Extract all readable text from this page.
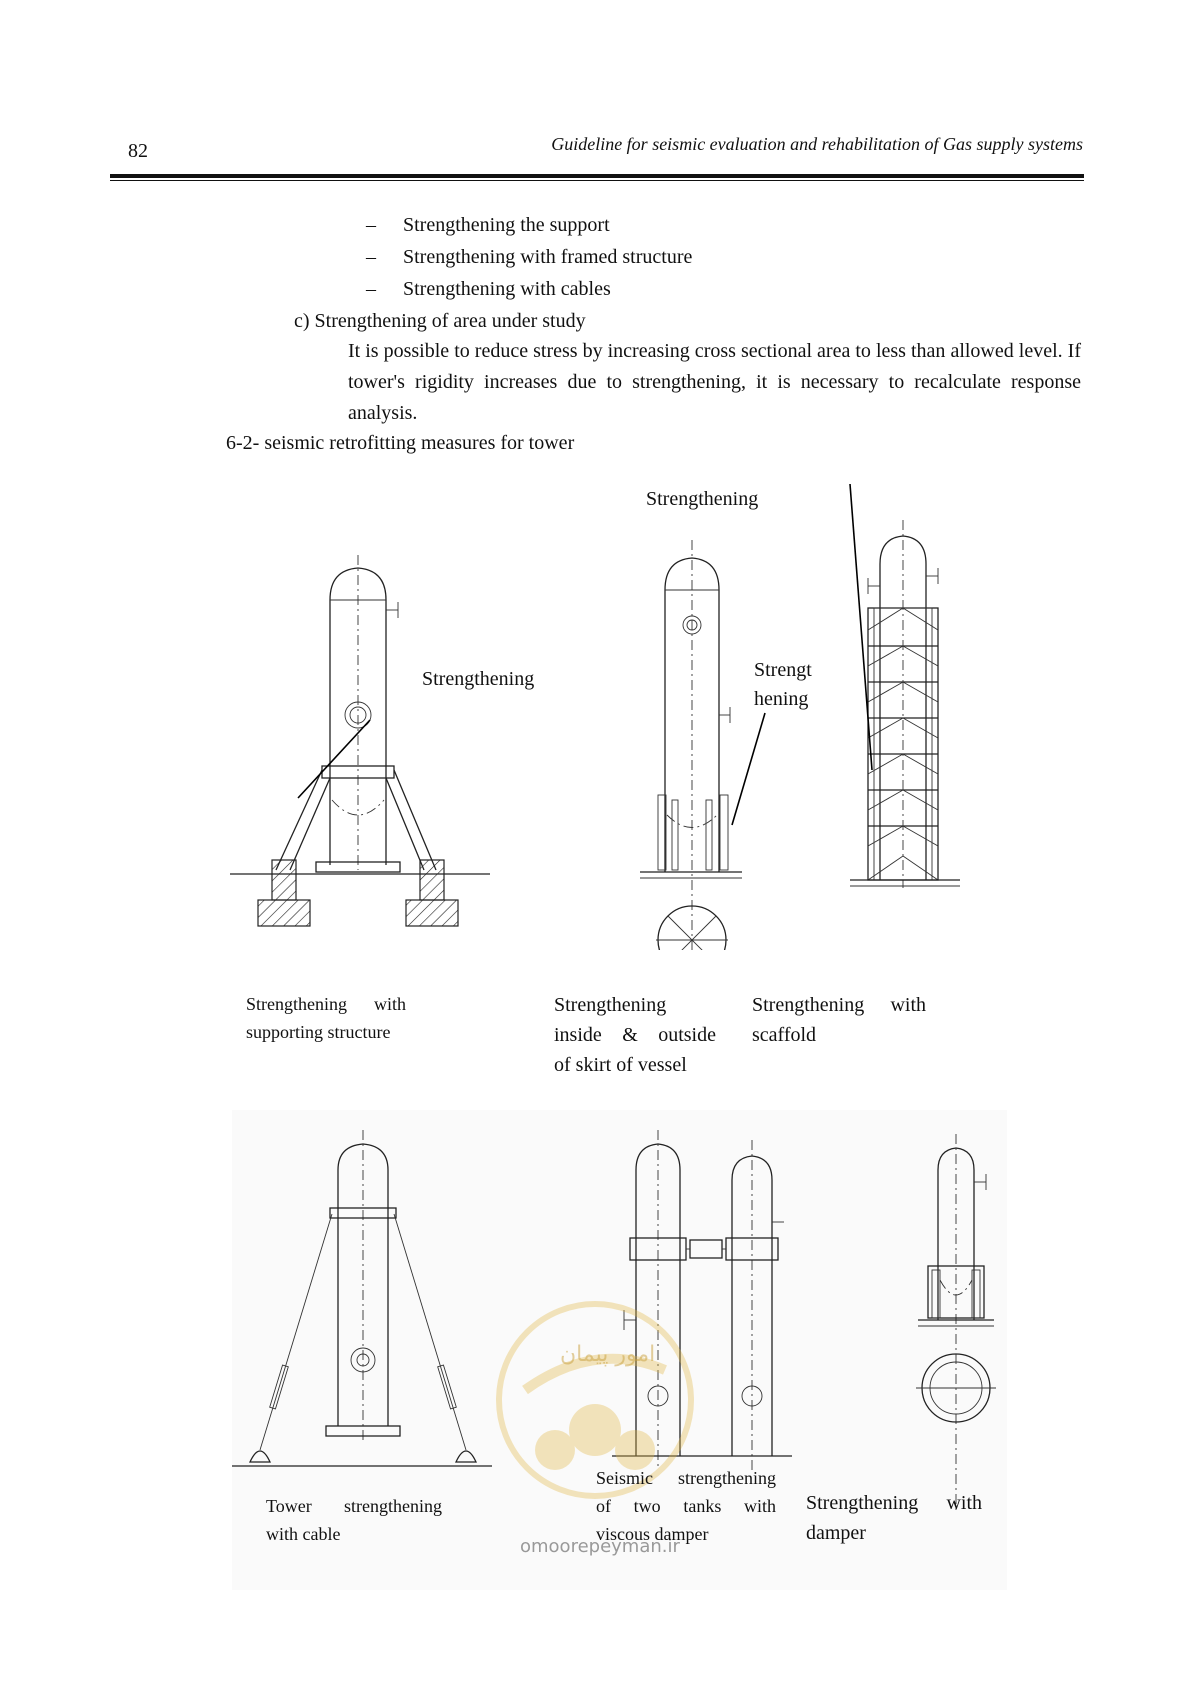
82	Guideline for seismic evaluation and rehabilitation of Gas supply systems
– Strengthening the support
– Strengthening with framed structure
– Strengthening with cables
c) Strengthening of area under study
It is possible to reduce stress by increasing cross sectional area to less than allowed level. If tower's rigidity increases due to strengthening, it is necessary to recalculate response analysis.
6-2- seismic retrofitting measures for tower
Strengthening
Strengthening	Strengt
hening
Strengthening with
supporting structure
Strengthening
inside & outside
of skirt of vessel
Strengthening with
scaffold
امور پیمان
omoorepeyman.ir
Tower strengthening
with cable
Seismic strengthening
of two tanks with
viscous damper
Strengthening with
damper
